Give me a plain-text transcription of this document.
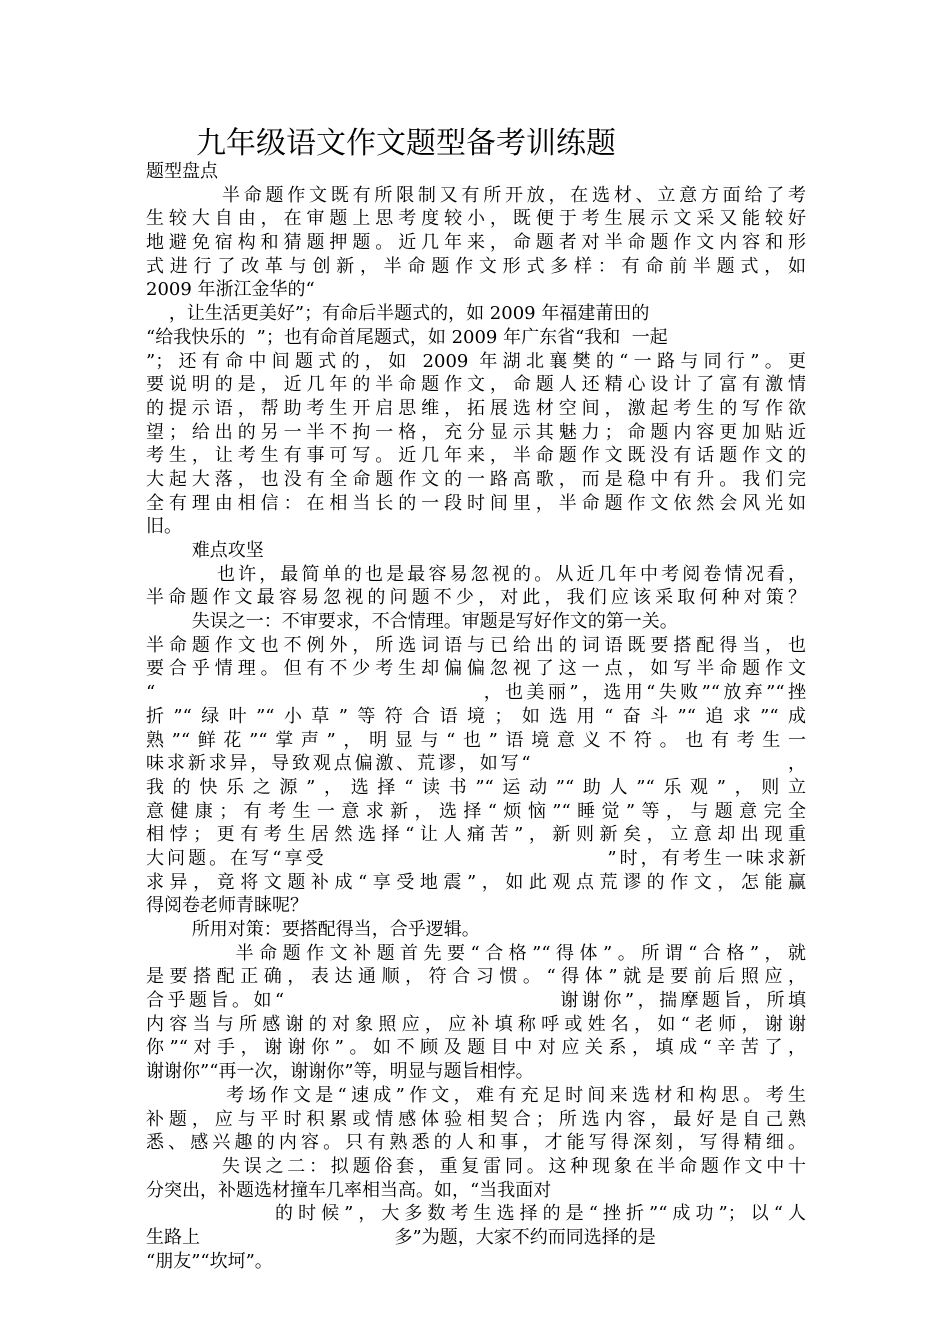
九年级语文作文题型备考训练题
题型盘点
半命题作文既有所限制又有所开放，在选材、立意方面给了考
生较大自由，在审题上思考度较小，既便于考生展示文采又能较好
地避免宿构和猜题押题。近几年来，命题者对半命题作文内容和形
式进行了改革与创新，半命题作文形式多样：有命前半题式，如
2009 年浙江金华的“
，让生活更美好”；有命后半题式的，如 2009 年福建莆田的
“给我快乐的  ”；也有命首尾题式，如 2009 年广东省“我和  一起
”；还有命中间题式的，如 2009 年湖北襄樊的“一路与同行”。更
要说明的是，近几年的半命题作文，命题人还精心设计了富有激情
的提示语，帮助考生开启思维，拓展选材空间，激起考生的写作欲
望；给出的另一半不拘一格，充分显示其魅力；命题内容更加贴近
考生，让考生有事可写。近几年来，半命题作文既没有话题作文的
大起大落，也没有全命题作文的一路高歌，而是稳中有升。我们完
全有理由相信：在相当长的一段时间里，半命题作文依然会风光如
旧。
难点攻坚
也许，最简单的也是最容易忽视的。从近几年中考阅卷情况看，
半命题作文最容易忽视的问题不少，对此，我们应该采取何种对策？
失误之一：不审要求，不合情理。审题是写好作文的第一关。
半命题作文也不例外，所选词语与已给出的词语既要搭配得当，也
要合乎情理。但有不少考生却偏偏忽视了这一点，如写半命题作文
“                                    ，也美丽”，选用“失败”“放弃”“挫
折”“绿叶”“小草”等符合语境；如选用“奋斗”“追求”“成
熟”“鲜花”“掌声”，明显与“也”语境意义不符。也有考生一
味求新求异，导致观点偏激、荒谬，如写“                              ，
我的快乐之源”，选择“读书”“运动”“助人”“乐观”，则立
意健康；有考生一意求新，选择“烦恼”“睡觉”等，与题意完全
相悖；更有考生居然选择“让人痛苦”，新则新矣，立意却出现重
大问题。在写“享受                                ”时，有考生一味求新
求异，竟将文题补成“享受地震”，如此观点荒谬的作文，怎能赢
得阅卷老师青睐呢？
所用对策：要搭配得当，合乎逻辑。
半命题作文补题首先要“合格”“得体”。所谓“合格”，就
是要搭配正确，表达通顺，符合习惯。“得体”就是要前后照应，
合乎题旨。如“                              谢谢你”，揣摩题旨，所填
内容当与所感谢的对象照应，应补填称呼或姓名，如“老师，谢谢
你”“对手，谢谢你”。如不顾及题目中对应关系，填成“辛苦了，
谢谢你”“再一次，谢谢你”等，明显与题旨相悖。
考场作文是“速成”作文，难有充足时间来选材和构思。考生
补题，应与平时积累或情感体验相契合；所选内容，最好是自己熟
悉、感兴趣的内容。只有熟悉的人和事，才能写得深刻，写得精细。
失误之二：拟题俗套，重复雷同。这种现象在半命题作文中十
分突出，补题选材撞车几率相当高。如，“当我面对
的时候”，大多数考生选择的是“挫折”“成功”；以“人
生路上                                  多”为题，大家不约而同选择的是
“朋友”“坎坷”。
